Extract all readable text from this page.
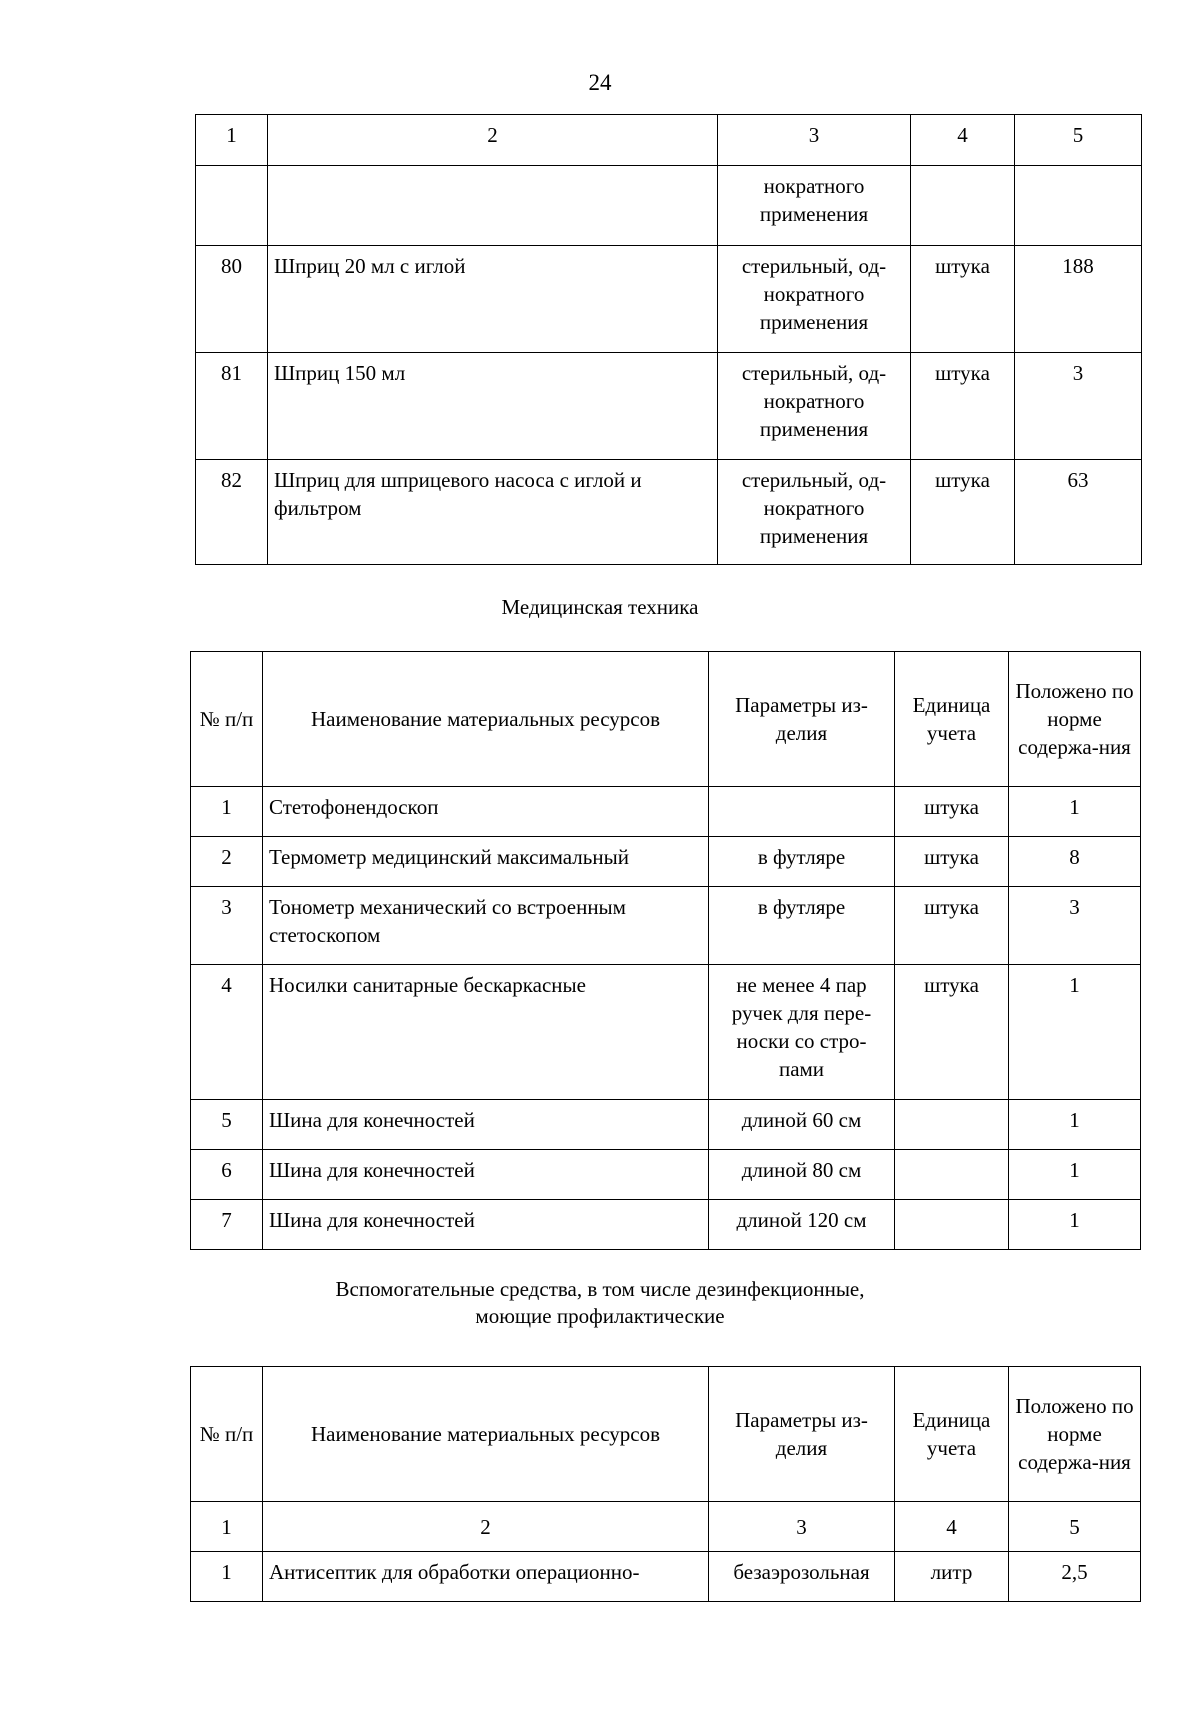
24
1	2	3	4	5
		нократного применения		
80	Шприц 20 мл с иглой	стерильный, од-нократного применения	штука	188
81	Шприц 150 мл	стерильный, од-нократного применения	штука	3
82	Шприц для шприцевого насоса с иглой и фильтром	стерильный, од-нократного применения	штука	63
Медицинская техника
№ п/п	Наименование материальных ресурсов	Параметры из-делия	Единица учета	Положено по норме содержа-ния
1	Стетофонендоскоп		штука	1
2	Термометр медицинский максимальный	в футляре	штука	8
3	Тонометр механический со встроенным стетоскопом	в футляре	штука	3
4	Носилки санитарные бескаркасные	не менее 4 пар ручек для пере-носки со стро-пами	штука	1
5	Шина для конечностей	длиной 60 см		1
6	Шина для конечностей	длиной 80 см		1
7	Шина для конечностей	длиной 120 см		1
Вспомогательные средства, в том числе дезинфекционные,
моющие профилактические
№ п/п	Наименование материальных ресурсов	Параметры из-делия	Единица учета	Положено по норме содержа-ния
1	2	3	4	5
1	Антисептик для обработки операционно-	безаэрозольная	литр	2,5
